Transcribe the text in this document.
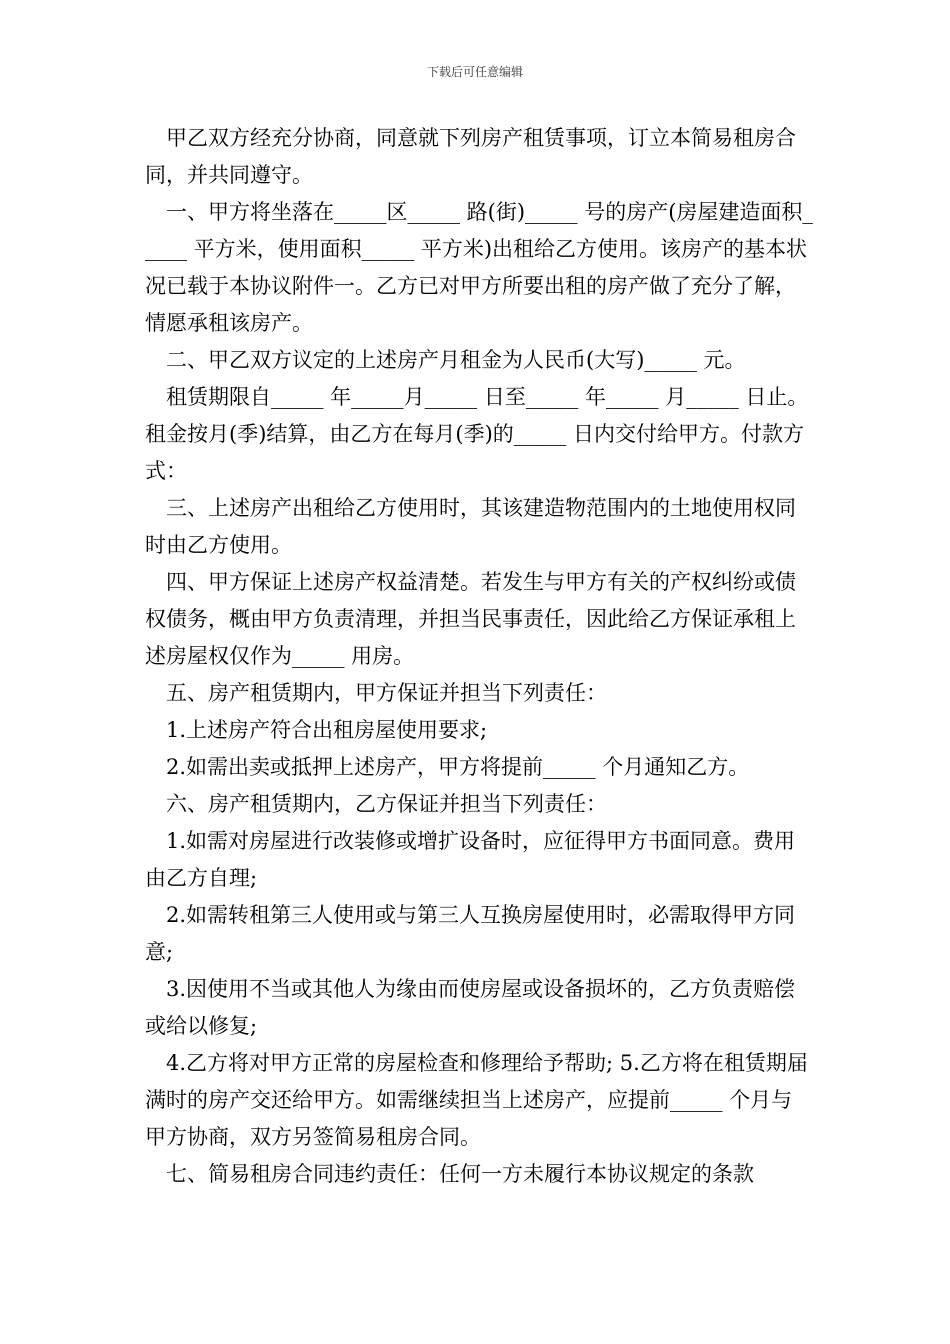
下载后可任意编辑

　甲乙双方经充分协商，同意就下列房产租赁事项，订立本简易租房合同，并共同遵守。

　一、甲方将坐落在_____区_____ 路(街)_____ 号的房产(房屋建造面积_____ 平方米，使用面积_____ 平方米)出租给乙方使用。该房产的基本状况已载于本协议附件一。乙方已对甲方所要出租的房产做了充分了解，情愿承租该房产。

　二、甲乙双方议定的上述房产月租金为人民币(大写)_____ 元。

　租赁期限自_____ 年_____月_____ 日至_____ 年_____ 月_____ 日止。租金按月(季)结算，由乙方在每月(季)的_____ 日内交付给甲方。付款方式：

　三、上述房产出租给乙方使用时，其该建造物范围内的土地使用权同时由乙方使用。

　四、甲方保证上述房产权益清楚。若发生与甲方有关的产权纠纷或债权债务，概由甲方负责清理，并担当民事责任，因此给乙方保证承租上述房屋权仅作为_____ 用房。

　五、房产租赁期内，甲方保证并担当下列责任：

　1.上述房产符合出租房屋使用要求;

　2.如需出卖或抵押上述房产，甲方将提前_____ 个月通知乙方。

　六、房产租赁期内，乙方保证并担当下列责任：

　1.如需对房屋进行改装修或增扩设备时，应征得甲方书面同意。费用由乙方自理;

　2.如需转租第三人使用或与第三人互换房屋使用时，必需取得甲方同意;

　3.因使用不当或其他人为缘由而使房屋或设备损坏的，乙方负责赔偿或给以修复;

　4.乙方将对甲方正常的房屋检查和修理给予帮助; 5.乙方将在租赁期届满时的房产交还给甲方。如需继续担当上述房产，应提前_____ 个月与甲方协商，双方另签简易租房合同。

　七、简易租房合同违约责任：任何一方未履行本协议规定的条款
